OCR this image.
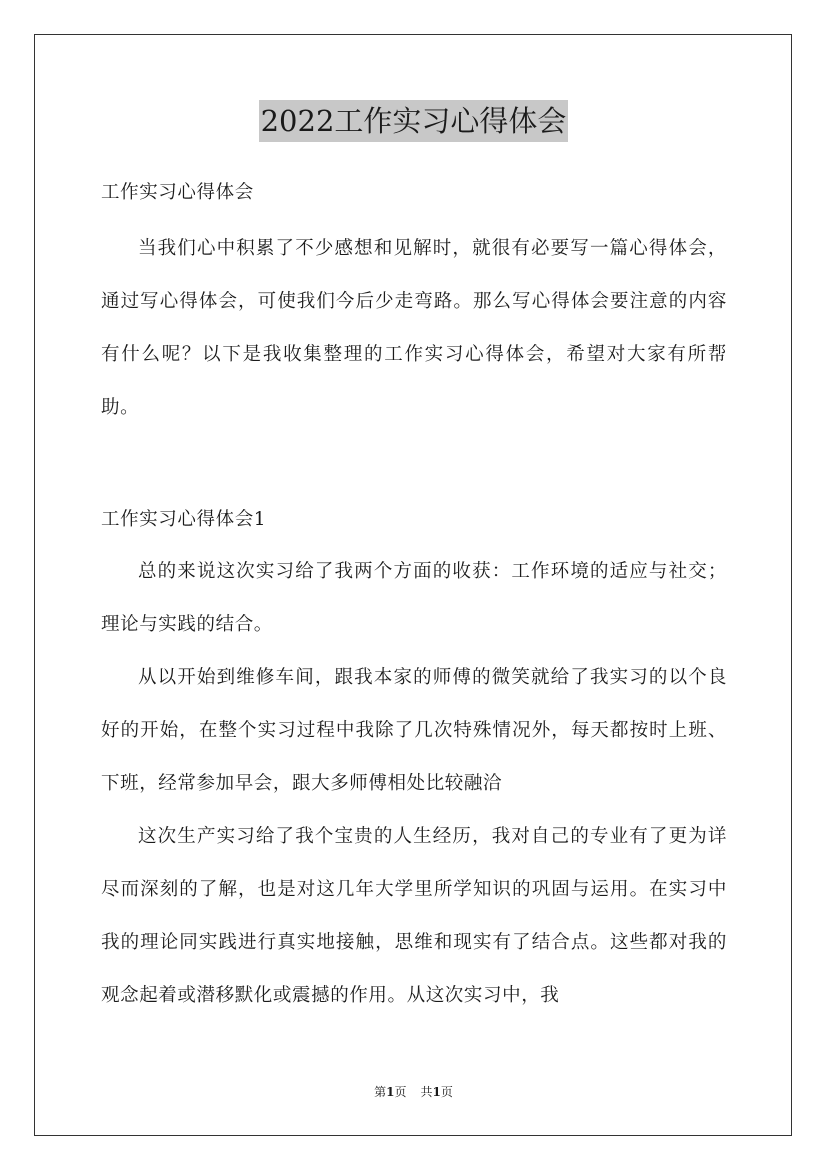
2022工作实习心得体会
工作实习心得体会

当我们心中积累了不少感想和见解时，就很有必要写一篇心得体会，通过写心得体会，可使我们今后少走弯路。那么写心得体会要注意的内容有什么呢？以下是我收集整理的工作实习心得体会，希望对大家有所帮助。

工作实习心得体会1

总的来说这次实习给了我两个方面的收获：工作环境的适应与社交；理论与实践的结合。

从以开始到维修车间，跟我本家的师傅的微笑就给了我实习的以个良好的开始，在整个实习过程中我除了几次特殊情况外，每天都按时上班、下班，经常参加早会，跟大多师傅相处比较融洽

这次生产实习给了我个宝贵的人生经历，我对自己的专业有了更为详尽而深刻的了解，也是对这几年大学里所学知识的巩固与运用。在实习中我的理论同实践进行真实地接触，思维和现实有了结合点。这些都对我的观念起着或潜移默化或震撼的作用。从这次实习中，我

第1页 共1页
